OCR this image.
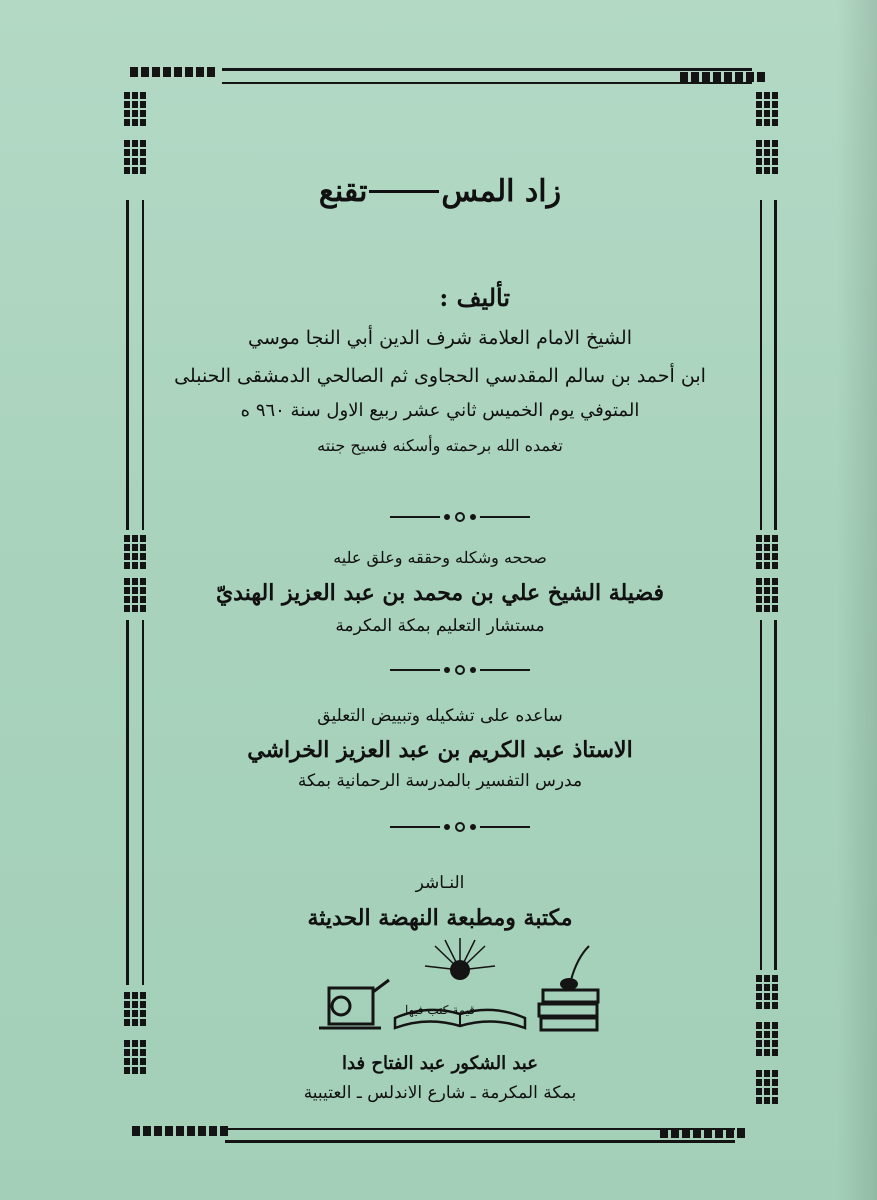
زاد المستقنع
تأليف :
الشيخ الامام العلامة شرف الدين أبي النجا موسي
ابن أحمد بن سالم المقدسي الحجاوى ثم الصالحي الدمشقى الحنبلى
المتوفي يوم الخميس ثاني عشر ربيع الاول سنة ٩٦٠ ه
تغمده الله برحمته وأسكنه فسيح جنته
صححه وشكله وحققه وعلق عليه
فضيلة الشيخ علي بن محمد بن عبد العزيز الهنديّ
مستشار التعليم بمكة المكرمة
ساعده على تشكيله وتبييض التعليق
الاستاذ عبد الكريم بن عبد العزيز الخراشي
مدرس التفسير بالمدرسة الرحمانية بمكة
النـاشر
مكتبة ومطبعة النهضة الحديثة
قيمة كتب فيها
عبد الشكور عبد الفتاح فدا
بمكة المكرمة ـ شارع الاندلس ـ العتيبية
